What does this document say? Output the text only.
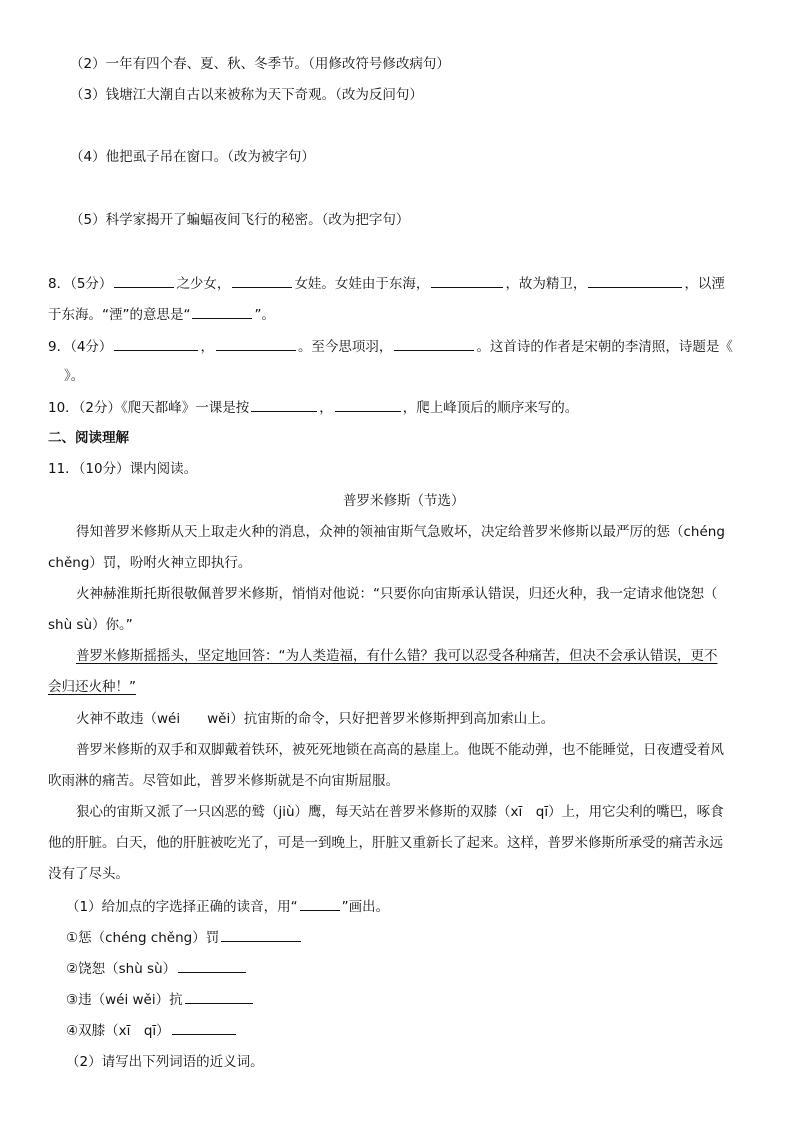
（2）一年有四个春、夏、秋、冬季节。（用修改符号修改病句）
（3）钱塘江大潮自古以来被称为天下奇观。（改为反问句）
（4）他把虱子吊在窗口。（改为被字句）
（5）科学家揭开了蝙蝠夜间飞行的秘密。（改为把字句）
8．（5分）	之少女，	女娃。女娃由于东海，	，故为精卫，	，以湮
于东海。“湮”的意思是“	”。
9．（4分）	，	。至今思项羽，	。这首诗的作者是宋朝的李清照，诗题是《
》。
10．（2分）《爬天都峰》一课是按	，	，爬上峰顶后的顺序来写的。
二、阅读理解
11．（10分）课内阅读。
普罗米修斯（节选）
得知普罗米修斯从天上取走火种的消息，众神的领袖宙斯气急败坏，决定给普罗米修斯以最严厉的惩（chéng
chěng）罚，吩咐火神立即执行。
火神赫淮斯托斯很敬佩普罗米修斯，悄悄对他说：“只要你向宙斯承认错误，归还火种，我一定请求他饶恕（
shù sù）你。”
普罗米修斯摇摇头，坚定地回答：“为人类造福，有什么错？我可以忍受各种痛苦，但决不会承认错误，更不
会归还火种！”
火神不敢违（wéi　　wěi）抗宙斯的命令，只好把普罗米修斯押到高加索山上。
普罗米修斯的双手和双脚戴着铁环，被死死地锁在高高的悬崖上。他既不能动弹，也不能睡觉，日夜遭受着风
吹雨淋的痛苦。尽管如此，普罗米修斯就是不向宙斯屈服。
狠心的宙斯又派了一只凶恶的鹫（jiù）鹰，每天站在普罗米修斯的双膝（xī　qī）上，用它尖利的嘴巴，啄食
他的肝脏。白天，他的肝脏被吃光了，可是一到晚上，肝脏又重新长了起来。这样，普罗米修斯所承受的痛苦永远
没有了尽头。
（1）给加点的字选择正确的读音，用“	”画出。
①惩（chéng chěng）罚
②饶恕（shù sù）
③违（wéi wěi）抗
④双膝（xī　qī）
（2）请写出下列词语的近义词。
